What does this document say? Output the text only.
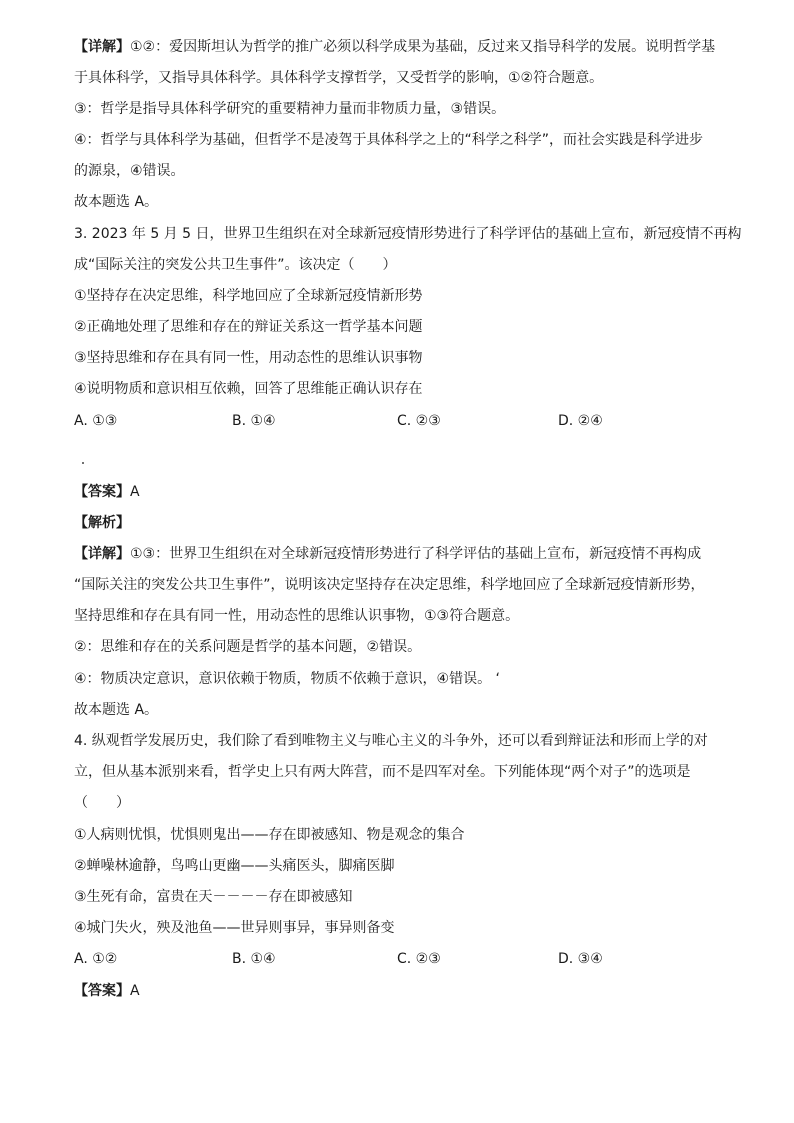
【详解】①②：爱因斯坦认为哲学的推广必须以科学成果为基础，反过来又指导科学的发展。说明哲学基
于具体科学，又指导具体科学。具体科学支撑哲学，又受哲学的影响，①②符合题意。
③：哲学是指导具体科学研究的重要精神力量而非物质力量，③错误。
④：哲学与具体科学为基础，但哲学不是凌驾于具体科学之上的“科学之科学”，而社会实践是科学进步
的源泉，④错误。
故本题选 A。
3. 2023 年 5 月 5 日，世界卫生组织在对全球新冠疫情形势进行了科学评估的基础上宣布，新冠疫情不再构
成“国际关注的突发公共卫生事件”。该决定（　　）
①坚持存在决定思维，科学地回应了全球新冠疫情新形势
②正确地处理了思维和存在的辩证关系这一哲学基本问题
③坚持思维和存在具有同一性，用动态性的思维认识事物
④说明物质和意识相互依赖，回答了思维能正确认识存在
A. ①③	B. ①④	C. ②③	D. ②④
【答案】A
【解析】
【详解】①③：世界卫生组织在对全球新冠疫情形势进行了科学评估的基础上宣布，新冠疫情不再构成
“国际关注的突发公共卫生事件”，说明该决定坚持存在决定思维，科学地回应了全球新冠疫情新形势，
坚持思维和存在具有同一性，用动态性的思维认识事物，①③符合题意。
②：思维和存在的关系问题是哲学的基本问题，②错误。
④：物质决定意识，意识依赖于物质，物质不依赖于意识，④错误。 ‘
故本题选 A。
4. 纵观哲学发展历史，我们除了看到唯物主义与唯心主义的斗争外，还可以看到辩证法和形而上学的对
立，但从基本派别来看，哲学史上只有两大阵营，而不是四军对垒。下列能体现“两个对子”的选项是
（　　）
①人病则忧惧，忧惧则鬼出——存在即被感知、物是观念的集合
②蝉噪林逾静，鸟鸣山更幽——头痛医头，脚痛医脚
③生死有命，富贵在天－－－－存在即被感知
④城门失火，殃及池鱼——世异则事异，事异则备变
A. ①②	B. ①④	C. ②③	D. ③④
【答案】A
